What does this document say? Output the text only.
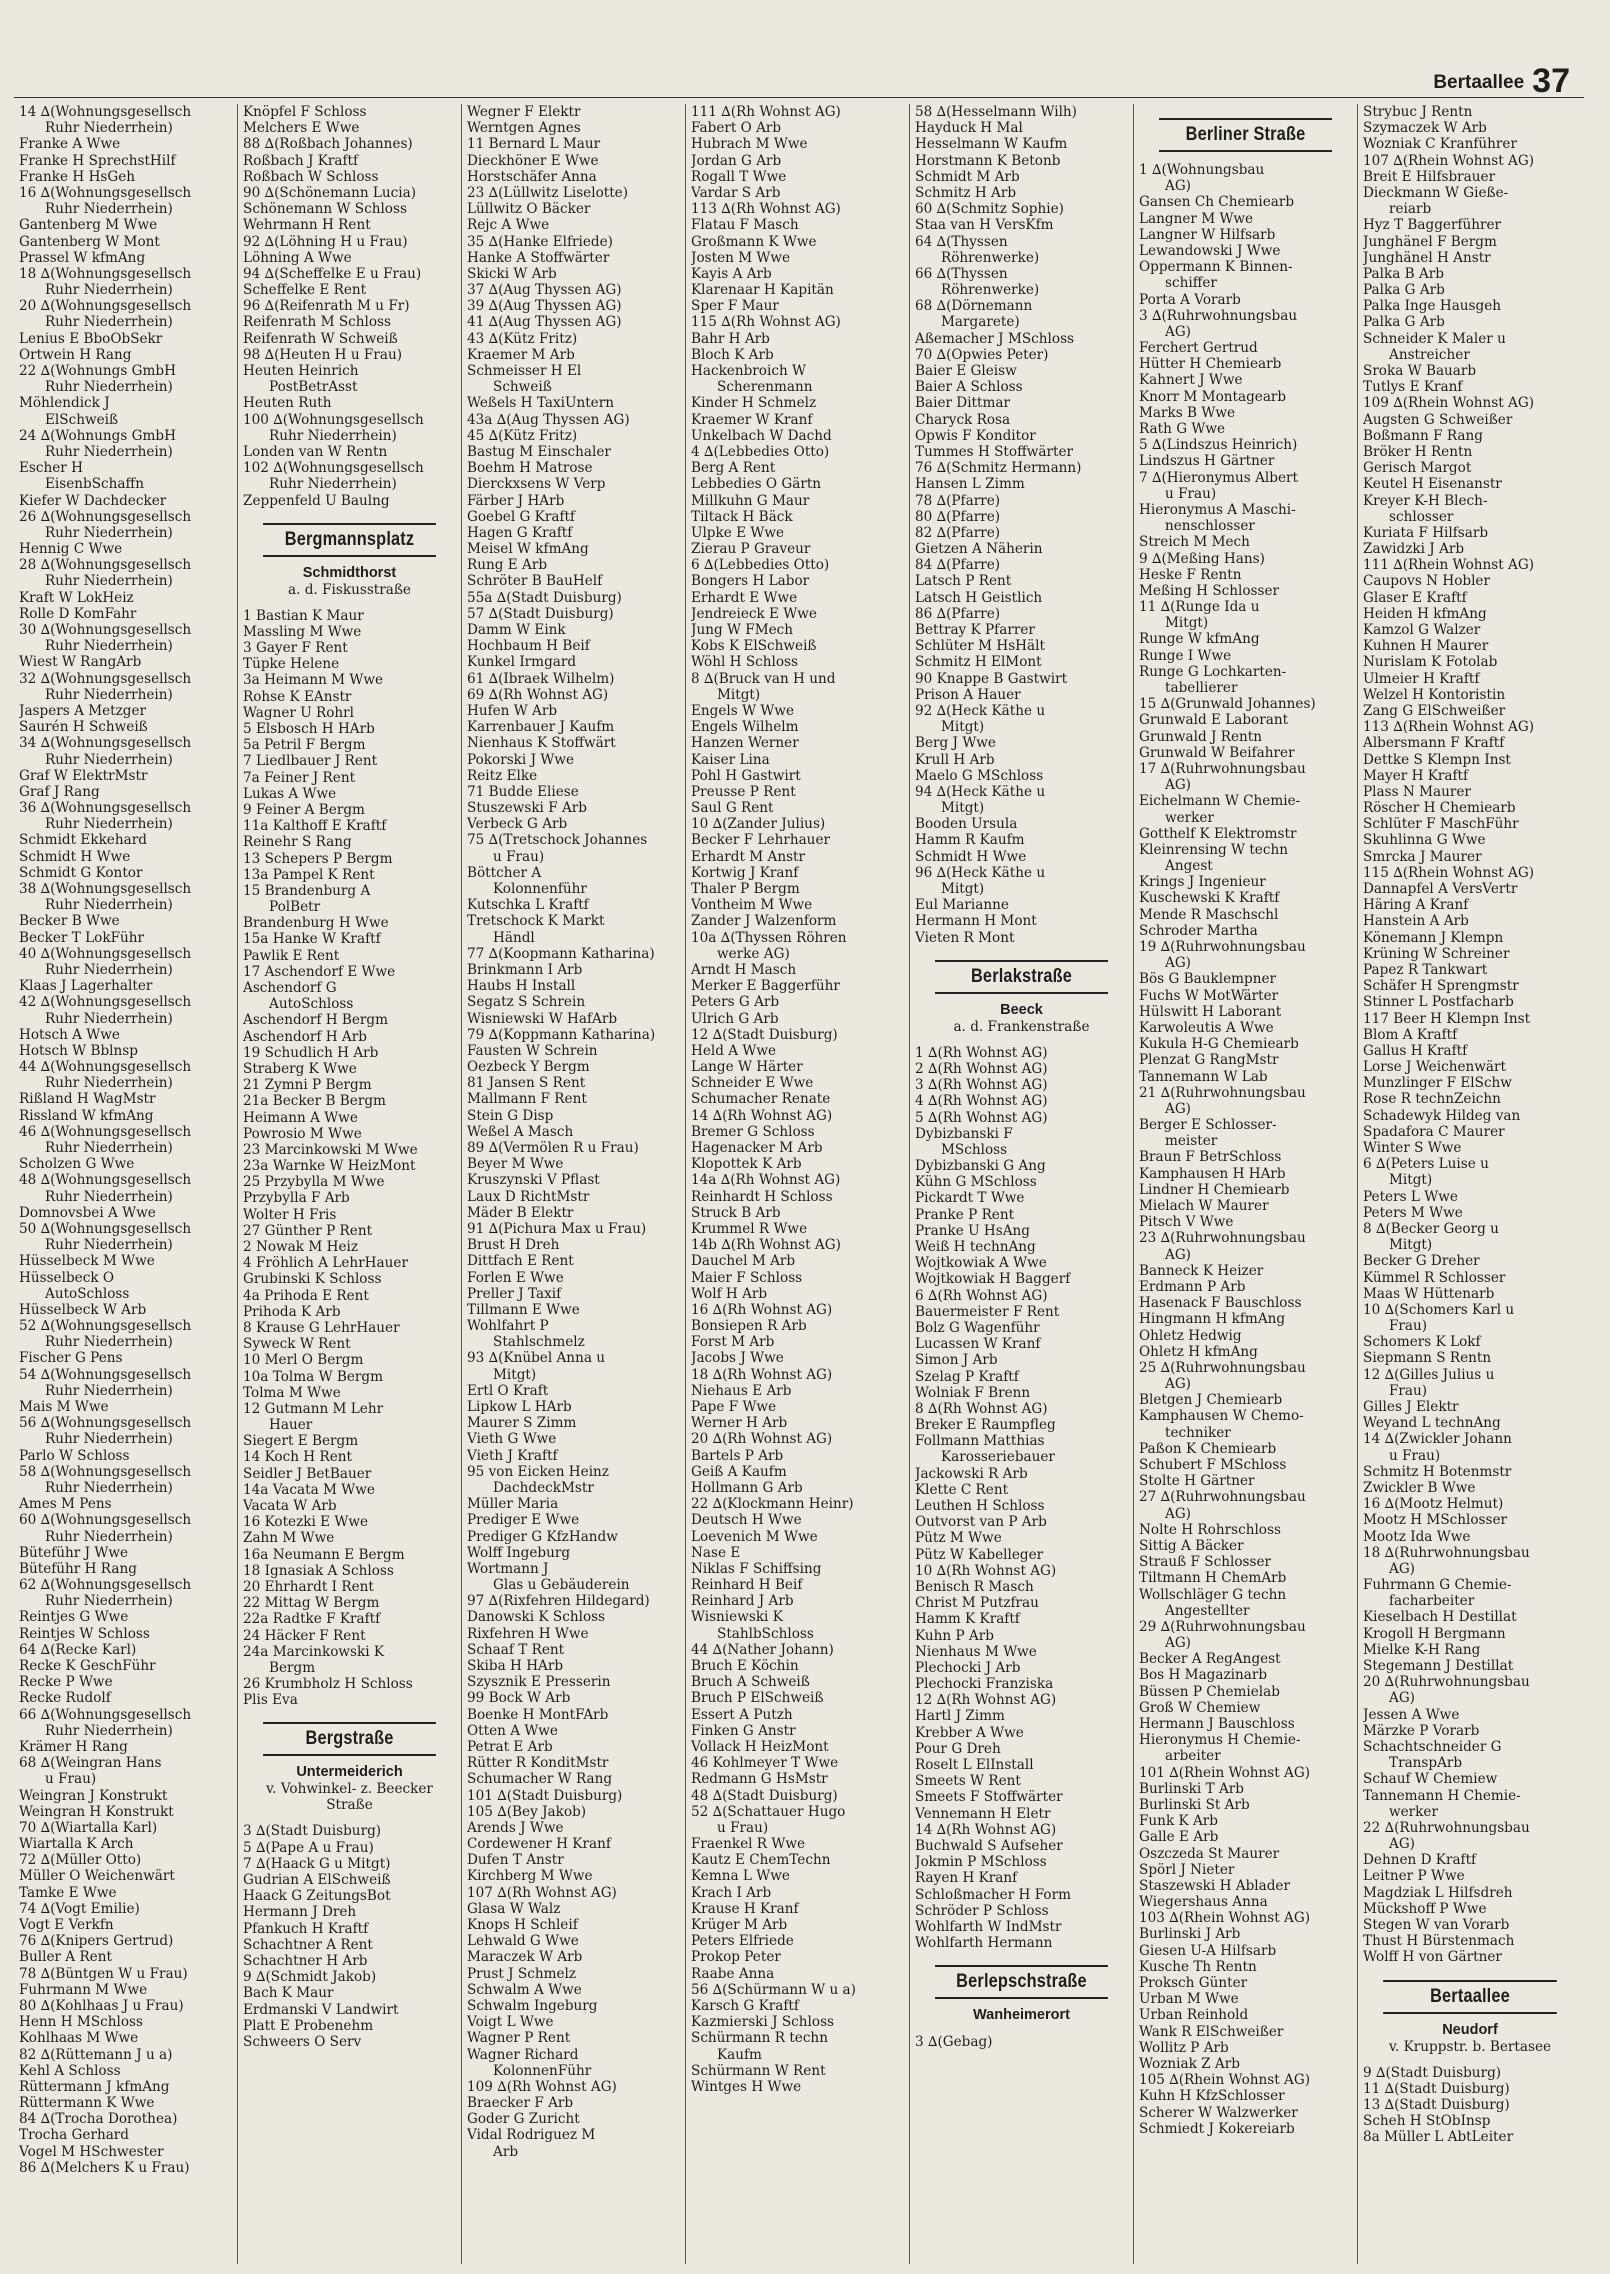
Bertaallee 37
14 ∆(Wohnungsgesellsch
Ruhr Niederrhein)
Franke A Wwe
Franke H SprechstHilf
Franke H HsGeh
16 ∆(Wohnungsgesellsch
Ruhr Niederrhein)
Gantenberg M Wwe
Gantenberg W Mont
Prassel W kfmAng
18 ∆(Wohnungsgesellsch
Ruhr Niederrhein)
20 ∆(Wohnungsgesellsch
Ruhr Niederrhein)
Lenius E BboObSekr
Ortwein H Rang
22 ∆(Wohnungs GmbH
Ruhr Niederrhein)
Möhlendick J
ElSchweiß
24 ∆(Wohnungs GmbH
Ruhr Niederrhein)
Escher H
EisenbSchaffn
Kiefer W Dachdecker
26 ∆(Wohnungsgesellsch
Ruhr Niederrhein)
Hennig C Wwe
28 ∆(Wohnungsgesellsch
Ruhr Niederrhein)
Kraft W LokHeiz
Rolle D KomFahr
30 ∆(Wohnungsgesellsch
Ruhr Niederrhein)
Wiest W RangArb
32 ∆(Wohnungsgesellsch
Ruhr Niederrhein)
Jaspers A Metzger
Saurén H Schweiß
34 ∆(Wohnungsgesellsch
Ruhr Niederrhein)
Graf W ElektrMstr
Graf J Rang
36 ∆(Wohnungsgesellsch
Ruhr Niederrhein)
Schmidt Ekkehard
Schmidt H Wwe
Schmidt G Kontor
38 ∆(Wohnungsgesellsch
Ruhr Niederrhein)
Becker B Wwe
Becker T LokFühr
40 ∆(Wohnungsgesellsch
Ruhr Niederrhein)
Klaas J Lagerhalter
42 ∆(Wohnungsgesellsch
Ruhr Niederrhein)
Hotsch A Wwe
Hotsch W Bblnsp
44 ∆(Wohnungsgesellsch
Ruhr Niederrhein)
Rißland H WagMstr
Rissland W kfmAng
46 ∆(Wohnungsgesellsch
Ruhr Niederrhein)
Scholzen G Wwe
48 ∆(Wohnungsgesellsch
Ruhr Niederrhein)
Domnovsbei A Wwe
50 ∆(Wohnungsgesellsch
Ruhr Niederrhein)
Hüsselbeck M Wwe
Hüsselbeck O
AutoSchloss
Hüsselbeck W Arb
52 ∆(Wohnungsgesellsch
Ruhr Niederrhein)
Fischer G Pens
54 ∆(Wohnungsgesellsch
Ruhr Niederrhein)
Mais M Wwe
56 ∆(Wohnungsgesellsch
Ruhr Niederrhein)
Parlo W Schloss
58 ∆(Wohnungsgesellsch
Ruhr Niederrhein)
Ames M Pens
60 ∆(Wohnungsgesellsch
Ruhr Niederrhein)
Büteführ J Wwe
Büteführ H Rang
62 ∆(Wohnungsgesellsch
Ruhr Niederrhein)
Reintjes G Wwe
Reintjes W Schloss
64 ∆(Recke Karl)
Recke K GeschFühr
Recke P Wwe
Recke Rudolf
66 ∆(Wohnungsgesellsch
Ruhr Niederrhein)
Krämer H Rang
68 ∆(Weingran Hans
u Frau)
Weingran J Konstrukt
Weingran H Konstrukt
70 ∆(Wiartalla Karl)
Wiartalla K Arch
72 ∆(Müller Otto)
Müller O Weichenwärt
Tamke E Wwe
74 ∆(Vogt Emilie)
Vogt E Verkfn
76 ∆(Knipers Gertrud)
Buller A Rent
78 ∆(Büntgen W u Frau)
Fuhrmann M Wwe
80 ∆(Kohlhaas J u Frau)
Henn H MSchloss
Kohlhaas M Wwe
82 ∆(Rüttemann J u a)
Kehl A Schloss
Rüttermann J kfmAng
Rüttermann K Wwe
84 ∆(Trocha Dorothea)
Trocha Gerhard
Vogel M HSchwester
86 ∆(Melchers K u Frau)
Knöpfel F Schloss
Melchers E Wwe
88 ∆(Roßbach Johannes)
Roßbach J Kraftf
Roßbach W Schloss
90 ∆(Schönemann Lucia)
Schönemann W Schloss
Wehrmann H Rent
92 ∆(Löhning H u Frau)
Löhning A Wwe
94 ∆(Scheffelke E u Frau)
Scheffelke E Rent
96 ∆(Reifenrath M u Fr)
Reifenrath M Schloss
Reifenrath W Schweiß
98 ∆(Heuten H u Frau)
Heuten Heinrich
PostBetrAsst
Heuten Ruth
100 ∆(Wohnungsgesellsch
Ruhr Niederrhein)
Londen van W Rentn
102 ∆(Wohnungsgesellsch
Ruhr Niederrhein)
Zeppenfeld U Baulng
Bergmannsplatz
Schmidthorst
a. d. Fiskusstraße
1 Bastian K Maur
Massling M Wwe
3 Gayer F Rent
Tüpke Helene
3a Heimann M Wwe
Rohse K EAnstr
Wagner U Rohrl
5 Elsbosch H HArb
5a Petril F Bergm
7 Liedlbauer J Rent
7a Feiner J Rent
Lukas A Wwe
9 Feiner A Bergm
11a Kalthoff E Kraftf
Reinehr S Rang
13 Schepers P Bergm
13a Pampel K Rent
15 Brandenburg A
PolBetr
Brandenburg H Wwe
15a Hanke W Kraftf
Pawlik E Rent
17 Aschendorf E Wwe
Aschendorf G
AutoSchloss
Aschendorf H Bergm
Aschendorf H Arb
19 Schudlich H Arb
Straberg K Wwe
21 Zymni P Bergm
21a Becker B Bergm
Heimann A Wwe
Powrosio M Wwe
23 Marcinkowski M Wwe
23a Warnke W HeizMont
25 Przybylla M Wwe
Przybylla F Arb
Wolter H Fris
27 Günther P Rent
2 Nowak M Heiz
4 Fröhlich A LehrHauer
Grubinski K Schloss
4a Prihoda E Rent
Prihoda K Arb
8 Krause G LehrHauer
Syweck W Rent
10 Merl O Bergm
10a Tolma W Bergm
Tolma M Wwe
12 Gutmann M Lehr
Hauer
Siegert E Bergm
14 Koch H Rent
Seidler J BetBauer
14a Vacata M Wwe
Vacata W Arb
16 Kotezki E Wwe
Zahn M Wwe
16a Neumann E Bergm
18 Ignasiak A Schloss
20 Ehrhardt I Rent
22 Mittag W Bergm
22a Radtke F Kraftf
24 Häcker F Rent
24a Marcinkowski K
Bergm
26 Krumbholz H Schloss
Plis Eva
Bergstraße
Untermeiderich
v. Vohwinkel- z. Beecker
Straße
3 ∆(Stadt Duisburg)
5 ∆(Pape A u Frau)
7 ∆(Haack G u Mitgt)
Gudrian A ElSchweiß
Haack G ZeitungsBot
Hermann J Dreh
Pfankuch H Kraftf
Schachtner A Rent
Schachtner H Arb
9 ∆(Schmidt Jakob)
Bach K Maur
Erdmanski V Landwirt
Platt E Probenehm
Schweers O Serv
Wegner F Elektr
Werntgen Agnes
11 Bernard L Maur
Dieckhöner E Wwe
Horstschäfer Anna
23 ∆(Lüllwitz Liselotte)
Lüllwitz O Bäcker
Rejc A Wwe
35 ∆(Hanke Elfriede)
Hanke A Stoffwärter
Skicki W Arb
37 ∆(Aug Thyssen AG)
39 ∆(Aug Thyssen AG)
41 ∆(Aug Thyssen AG)
43 ∆(Kütz Fritz)
Kraemer M Arb
Schmeisser H El
Schweiß
Weßels H TaxiUntern
43a ∆(Aug Thyssen AG)
45 ∆(Kütz Fritz)
Bastug M Einschaler
Boehm H Matrose
Dierckxsens W Verp
Färber J HArb
Goebel G Kraftf
Hagen G Kraftf
Meisel W kfmAng
Rung E Arb
Schröter B BauHelf
55a ∆(Stadt Duisburg)
57 ∆(Stadt Duisburg)
Damm W Eink
Hochbaum H Beif
Kunkel Irmgard
61 ∆(Ibraek Wilhelm)
69 ∆(Rh Wohnst AG)
Hufen W Arb
Karrenbauer J Kaufm
Nienhaus K Stoffwärt
Pokorski J Wwe
Reitz Elke
71 Budde Eliese
Stuszewski F Arb
Verbeck G Arb
75 ∆(Tretschock Johannes
u Frau)
Böttcher A
Kolonnenführ
Kutschka L Kraftf
Tretschock K Markt
Händl
77 ∆(Koopmann Katharina)
Brinkmann I Arb
Haubs H Install
Segatz S Schrein
Wisniewski W HafArb
79 ∆(Koppmann Katharina)
Fausten W Schrein
Oezbeck Y Bergm
81 Jansen S Rent
Mallmann F Rent
Stein G Disp
Weßel A Masch
89 ∆(Vermölen R u Frau)
Beyer M Wwe
Kruszynski V Pflast
Laux D RichtMstr
Mäder B Elektr
91 ∆(Pichura Max u Frau)
Brust H Dreh
Dittfach E Rent
Forlen E Wwe
Preller J Taxif
Tillmann E Wwe
Wohlfahrt P
Stahlschmelz
93 ∆(Knübel Anna u
Mitgt)
Ertl O Kraft
Lipkow L HArb
Maurer S Zimm
Vieth G Wwe
Vieth J Kraftf
95 von Eicken Heinz
DachdeckMstr
Müller Maria
Prediger E Wwe
Prediger G KfzHandw
Wolff Ingeburg
Wortmann J
Glas u Gebäuderein
97 ∆(Rixfehren Hildegard)
Danowski K Schloss
Rixfehren H Wwe
Schaaf T Rent
Skiba H HArb
Szysznik E Presserin
99 Bock W Arb
Boenke H MontFArb
Otten A Wwe
Petrat E Arb
Rütter R KonditMstr
Schumacher W Rang
101 ∆(Stadt Duisburg)
105 ∆(Bey Jakob)
Arends J Wwe
Cordewener H Kranf
Dufen T Anstr
Kirchberg M Wwe
107 ∆(Rh Wohnst AG)
Glasa W Walz
Knops H Schleif
Lehwald G Wwe
Maraczek W Arb
Prust J Schmelz
Schwalm A Wwe
Schwalm Ingeburg
Voigt L Wwe
Wagner P Rent
Wagner Richard
KolonnenFühr
109 ∆(Rh Wohnst AG)
Braecker F Arb
Goder G Zuricht
Vidal Rodriguez M
Arb
111 ∆(Rh Wohnst AG)
Fabert O Arb
Hubrach M Wwe
Jordan G Arb
Rogall T Wwe
Vardar S Arb
113 ∆(Rh Wohnst AG)
Flatau F Masch
Großmann K Wwe
Josten M Wwe
Kayis A Arb
Klarenaar H Kapitän
Sper F Maur
115 ∆(Rh Wohnst AG)
Bahr H Arb
Bloch K Arb
Hackenbroich W
Scherenmann
Kinder H Schmelz
Kraemer W Kranf
Unkelbach W Dachd
4 ∆(Lebbedies Otto)
Berg A Rent
Lebbedies O Gärtn
Millkuhn G Maur
Tiltack H Bäck
Ulpke E Wwe
Zierau P Graveur
6 ∆(Lebbedies Otto)
Bongers H Labor
Erhardt E Wwe
Jendreieck E Wwe
Jung W FMech
Kobs K ElSchweiß
Wöhl H Schloss
8 ∆(Bruck van H und
Mitgt)
Engels W Wwe
Engels Wilhelm
Hanzen Werner
Kaiser Lina
Pohl H Gastwirt
Preusse P Rent
Saul G Rent
10 ∆(Zander Julius)
Becker F Lehrhauer
Erhardt M Anstr
Kortwig J Kranf
Thaler P Bergm
Vontheim M Wwe
Zander J Walzenform
10a ∆(Thyssen Röhren
werke AG)
Arndt H Masch
Merker E Baggerführ
Peters G Arb
Ulrich G Arb
12 ∆(Stadt Duisburg)
Held A Wwe
Lange W Härter
Schneider E Wwe
Schumacher Renate
14 ∆(Rh Wohnst AG)
Bremer G Schloss
Hagenacker M Arb
Klopottek K Arb
14a ∆(Rh Wohnst AG)
Reinhardt H Schloss
Struck B Arb
Krummel R Wwe
14b ∆(Rh Wohnst AG)
Dauchel M Arb
Maier F Schloss
Wolf H Arb
16 ∆(Rh Wohnst AG)
Bonsiepen R Arb
Forst M Arb
Jacobs J Wwe
18 ∆(Rh Wohnst AG)
Niehaus E Arb
Pape F Wwe
Werner H Arb
20 ∆(Rh Wohnst AG)
Bartels P Arb
Geiß A Kaufm
Hollmann G Arb
22 ∆(Klockmann Heinr)
Deutsch H Wwe
Loevenich M Wwe
Nase E
Niklas F Schiffsing
Reinhard H Beif
Reinhard J Arb
Wisniewski K
StahlbSchloss
44 ∆(Nather Johann)
Bruch E Köchin
Bruch A Schweiß
Bruch P ElSchweiß
Essert A Putzh
Finken G Anstr
Vollack H HeizMont
46 Kohlmeyer T Wwe
Redmann G HsMstr
48 ∆(Stadt Duisburg)
52 ∆(Schattauer Hugo
u Frau)
Fraenkel R Wwe
Kautz E ChemTechn
Kemna L Wwe
Krach I Arb
Krause H Kranf
Krüger M Arb
Peters Elfriede
Prokop Peter
Raabe Anna
56 ∆(Schürmann W u a)
Karsch G Kraftf
Kazmierski J Schloss
Schürmann R techn
Kaufm
Schürmann W Rent
Wintges H Wwe
58 ∆(Hesselmann Wilh)
Hayduck H Mal
Hesselmann W Kaufm
Horstmann K Betonb
Schmidt M Arb
Schmitz H Arb
60 ∆(Schmitz Sophie)
Staa van H VersKfm
64 ∆(Thyssen
Röhrenwerke)
66 ∆(Thyssen
Röhrenwerke)
68 ∆(Dörnemann
Margarete)
Aßemacher J MSchloss
70 ∆(Opwies Peter)
Baier E Gleisw
Baier A Schloss
Baier Dittmar
Charyck Rosa
Opwis F Konditor
Tummes H Stoffwärter
76 ∆(Schmitz Hermann)
Hansen L Zimm
78 ∆(Pfarre)
80 ∆(Pfarre)
82 ∆(Pfarre)
Gietzen A Näherin
84 ∆(Pfarre)
Latsch P Rent
Latsch H Geistlich
86 ∆(Pfarre)
Bettray K Pfarrer
Schlüter M HsHält
Schmitz H ElMont
90 Knappe B Gastwirt
Prison A Hauer
92 ∆(Heck Käthe u
Mitgt)
Berg J Wwe
Krull H Arb
Maelo G MSchloss
94 ∆(Heck Käthe u
Mitgt)
Booden Ursula
Hamm R Kaufm
Schmidt H Wwe
96 ∆(Heck Käthe u
Mitgt)
Eul Marianne
Hermann H Mont
Vieten R Mont
Berlakstraße
Beeck
a. d. Frankenstraße
1 ∆(Rh Wohnst AG)
2 ∆(Rh Wohnst AG)
3 ∆(Rh Wohnst AG)
4 ∆(Rh Wohnst AG)
5 ∆(Rh Wohnst AG)
Dybizbanski F
MSchloss
Dybizbanski G Ang
Kühn G MSchloss
Pickardt T Wwe
Pranke P Rent
Pranke U HsAng
Weiß H technAng
Wojtkowiak A Wwe
Wojtkowiak H Baggerf
6 ∆(Rh Wohnst AG)
Bauermeister F Rent
Bolz G Wagenführ
Lucassen W Kranf
Simon J Arb
Szelag P Kraftf
Wolniak F Brenn
8 ∆(Rh Wohnst AG)
Breker E Raumpfleg
Follmann Matthias
Karosseriebauer
Jackowski R Arb
Klette C Rent
Leuthen H Schloss
Outvorst van P Arb
Pütz M Wwe
Pütz W Kabelleger
10 ∆(Rh Wohnst AG)
Benisch R Masch
Christ M Putzfrau
Hamm K Kraftf
Kuhn P Arb
Nienhaus M Wwe
Plechocki J Arb
Plechocki Franziska
12 ∆(Rh Wohnst AG)
Hartl J Zimm
Krebber A Wwe
Pour G Dreh
Roselt L ElInstall
Smeets W Rent
Smeets F Stoffwärter
Vennemann H Eletr
14 ∆(Rh Wohnst AG)
Buchwald S Aufseher
Jokmin P MSchloss
Rayen H Kranf
Schloßmacher H Form
Schröder P Schloss
Wohlfarth W IndMstr
Wohlfarth Hermann
Berlepschstraße
Wanheimerort
3 ∆(Gebag)
Berliner Straße
1 ∆(Wohnungsbau
AG)
Gansen Ch Chemiearb
Langner M Wwe
Langner W Hilfsarb
Lewandowski J Wwe
Oppermann K Binnen-
schiffer
Porta A Vorarb
3 ∆(Ruhrwohnungsbau
AG)
Ferchert Gertrud
Hütter H Chemiearb
Kahnert J Wwe
Knorr M Montagearb
Marks B Wwe
Rath G Wwe
5 ∆(Lindszus Heinrich)
Lindszus H Gärtner
7 ∆(Hieronymus Albert
u Frau)
Hieronymus A Maschi-
nenschlosser
Streich M Mech
9 ∆(Meßing Hans)
Heske F Rentn
Meßing H Schlosser
11 ∆(Runge Ida u
Mitgt)
Runge W kfmAng
Runge I Wwe
Runge G Lochkarten-
tabellierer
15 ∆(Grunwald Johannes)
Grunwald E Laborant
Grunwald J Rentn
Grunwald W Beifahrer
17 ∆(Ruhrwohnungsbau
AG)
Eichelmann W Chemie-
werker
Gotthelf K Elektromstr
Kleinrensing W techn
Angest
Krings J Ingenieur
Kuschewski K Kraftf
Mende R Maschschl
Schroder Martha
19 ∆(Ruhrwohnungsbau
AG)
Bös G Bauklempner
Fuchs W MotWärter
Hülswitt H Laborant
Karwoleutis A Wwe
Kukula H-G Chemiearb
Plenzat G RangMstr
Tannemann W Lab
21 ∆(Ruhrwohnungsbau
AG)
Berger E Schlosser-
meister
Braun F BetrSchloss
Kamphausen H HArb
Lindner H Chemiearb
Mielach W Maurer
Pitsch V Wwe
23 ∆(Ruhrwohnungsbau
AG)
Banneck K Heizer
Erdmann P Arb
Hasenack F Bauschloss
Hingmann H kfmAng
Ohletz Hedwig
Ohletz H kfmAng
25 ∆(Ruhrwohnungsbau
AG)
Bletgen J Chemiearb
Kamphausen W Chemo-
techniker
Paßon K Chemiearb
Schubert F MSchloss
Stolte H Gärtner
27 ∆(Ruhrwohnungsbau
AG)
Nolte H Rohrschloss
Sittig A Bäcker
Strauß F Schlosser
Tiltmann H ChemArb
Wollschläger G techn
Angestellter
29 ∆(Ruhrwohnungsbau
AG)
Becker A RegAngest
Bos H Magazinarb
Büssen P Chemielab
Groß W Chemiew
Hermann J Bauschloss
Hieronymus H Chemie-
arbeiter
101 ∆(Rhein Wohnst AG)
Burlinski T Arb
Burlinski St Arb
Funk K Arb
Galle E Arb
Oszczeda St Maurer
Spörl J Nieter
Staszewski H Ablader
Wiegershaus Anna
103 ∆(Rhein Wohnst AG)
Burlinski J Arb
Giesen U-A Hilfsarb
Kusche Th Rentn
Proksch Günter
Urban M Wwe
Urban Reinhold
Wank R ElSchweißer
Wollitz P Arb
Wozniak Z Arb
105 ∆(Rhein Wohnst AG)
Kuhn H KfzSchlosser
Scherer W Walzwerker
Schmiedt J Kokereiarb
Strybuc J Rentn
Szymaczek W Arb
Wozniak C Kranführer
107 ∆(Rhein Wohnst AG)
Breit E Hilfsbrauer
Dieckmann W Gieße-
reiarb
Hyz T Baggerführer
Junghänel F Bergm
Junghänel H Anstr
Palka B Arb
Palka G Arb
Palka Inge Hausgeh
Palka G Arb
Schneider K Maler u
Anstreicher
Sroka W Bauarb
Tutlys E Kranf
109 ∆(Rhein Wohnst AG)
Augsten G Schweißer
Boßmann F Rang
Bröker H Rentn
Gerisch Margot
Keutel H Eisenanstr
Kreyer K-H Blech-
schlosser
Kuriata F Hilfsarb
Zawidzki J Arb
111 ∆(Rhein Wohnst AG)
Caupovs N Hobler
Glaser E Kraftf
Heiden H kfmAng
Kamzol G Walzer
Kuhnen H Maurer
Nurislam K Fotolab
Ulmeier H Kraftf
Welzel H Kontoristin
Zang G ElSchweißer
113 ∆(Rhein Wohnst AG)
Albersmann F Kraftf
Dettke S Klempn Inst
Mayer H Kraftf
Plass N Maurer
Röscher H Chemiearb
Schlüter F MaschFühr
Skuhlinna G Wwe
Smrcka J Maurer
115 ∆(Rhein Wohnst AG)
Dannapfel A VersVertr
Häring A Kranf
Hanstein A Arb
Könemann J Klempn
Krüning W Schreiner
Papez R Tankwart
Schäfer H Sprengmstr
Stinner L Postfacharb
117 Beer H Klempn Inst
Blom A Kraftf
Gallus H Kraftf
Lorse J Weichenwärt
Munzlinger F ElSchw
Rose R technZeichn
Schadewyk Hildeg van
Spadafora C Maurer
Winter S Wwe
6 ∆(Peters Luise u
Mitgt)
Peters L Wwe
Peters M Wwe
8 ∆(Becker Georg u
Mitgt)
Becker G Dreher
Kümmel R Schlosser
Maas W Hüttenarb
10 ∆(Schomers Karl u
Frau)
Schomers K Lokf
Siepmann S Rentn
12 ∆(Gilles Julius u
Frau)
Gilles J Elektr
Weyand L technAng
14 ∆(Zwickler Johann
u Frau)
Schmitz H Botenmstr
Zwickler B Wwe
16 ∆(Mootz Helmut)
Mootz H MSchlosser
Mootz Ida Wwe
18 ∆(Ruhrwohnungsbau
AG)
Fuhrmann G Chemie-
facharbeiter
Kieselbach H Destillat
Krogoll H Bergmann
Mielke K-H Rang
Stegemann J Destillat
20 ∆(Ruhrwohnungsbau
AG)
Jessen A Wwe
Märzke P Vorarb
Schachtschneider G
TranspArb
Schauf W Chemiew
Tannemann H Chemie-
werker
22 ∆(Ruhrwohnungsbau
AG)
Dehnen D Kraftf
Leitner P Wwe
Magdziak L Hilfsdreh
Mückshoff P Wwe
Stegen W van Vorarb
Thust H Bürstenmach
Wolff H von Gärtner
Bertaallee
Neudorf
v. Kruppstr. b. Bertasee
9 ∆(Stadt Duisburg)
11 ∆(Stadt Duisburg)
13 ∆(Stadt Duisburg)
Scheh H StObInsp
8a Müller L AbtLeiter
